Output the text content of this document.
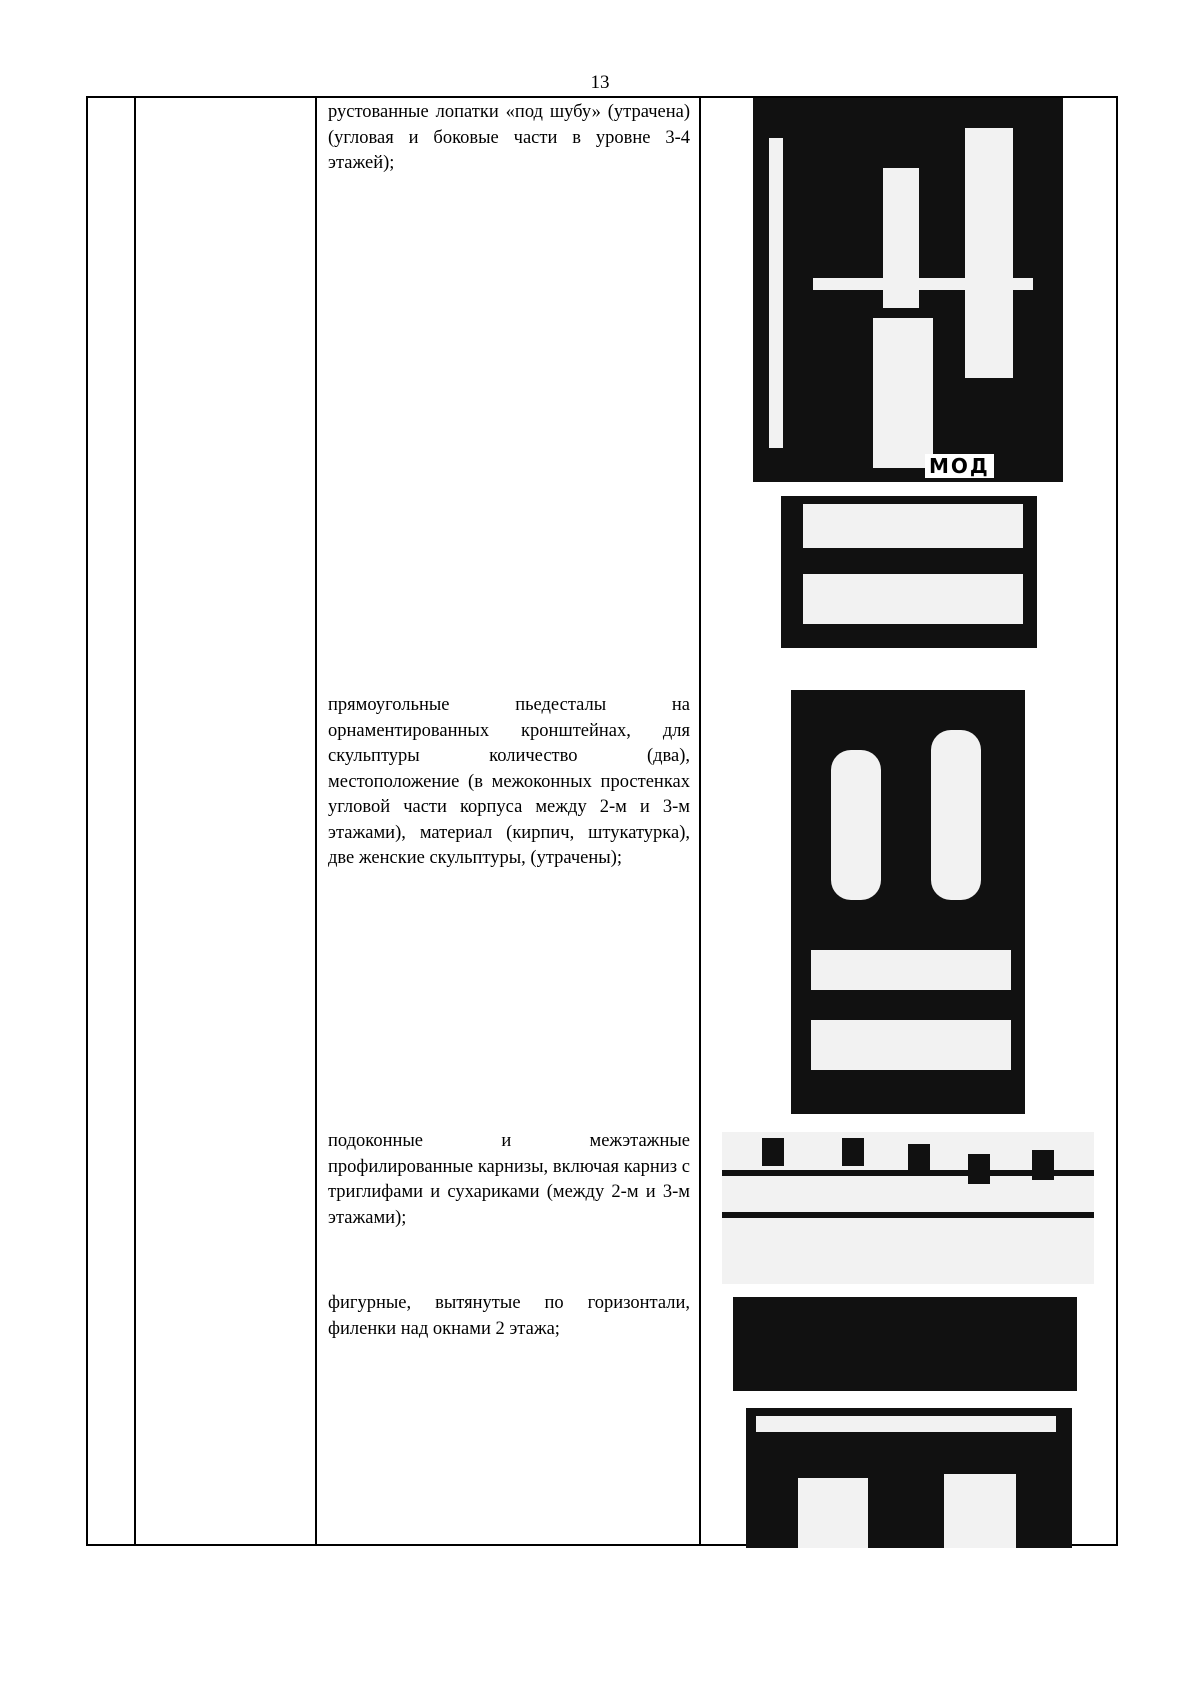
13

рустованные лопатки «под шубу» (утрачена) (угловая и боковые части в уровне 3-4 этажей);

прямоугольные пьедесталы на орнаментированных кронштейнах, для скульптуры количество (два), местоположение (в межоконных простенках угловой части корпуса между 2-м и 3-м этажами), материал (кирпич, штукатурка), две женские скульптуры, (утрачены);

подоконные и межэтажные профилированные карнизы, включая карниз с триглифами и сухариками (между 2-м и 3-м этажами);

фигурные, вытянутые по горизонтали, филенки над окнами 2 этажа;

МОД
